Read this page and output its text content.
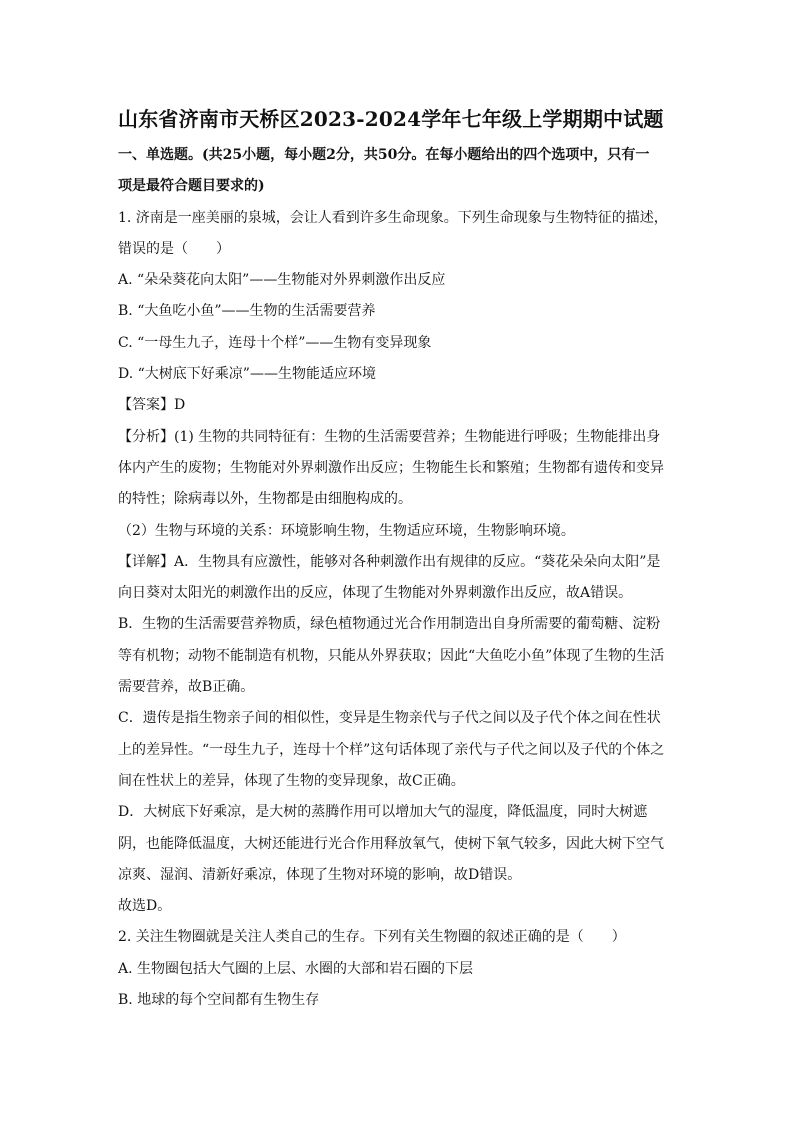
山东省济南市天桥区2023-2024学年七年级上学期期中试题
一、单选题。(共25小题，每小题2分，共50分。在每小题给出的四个选项中，只有一
项是最符合题目要求的)
1. 济南是一座美丽的泉城，会让人看到许多生命现象。下列生命现象与生物特征的描述，
错误的是（　　）
A. “朵朵葵花向太阳”——生物能对外界刺激作出反应
B. “大鱼吃小鱼”——生物的生活需要营养
C. “一母生九子，连母十个样”——生物有变异现象
D. “大树底下好乘凉”——生物能适应环境
【答案】D
【分析】(1) 生物的共同特征有：生物的生活需要营养；生物能进行呼吸；生物能排出身
体内产生的废物；生物能对外界刺激作出反应；生物能生长和繁殖；生物都有遗传和变异
的特性；除病毒以外，生物都是由细胞构成的。
（2）生物与环境的关系：环境影响生物，生物适应环境，生物影响环境。
【详解】A．生物具有应激性，能够对各种刺激作出有规律的反应。“葵花朵朵向太阳”是
向日葵对太阳光的刺激作出的反应，体现了生物能对外界刺激作出反应，故A错误。
B．生物的生活需要营养物质，绿色植物通过光合作用制造出自身所需要的葡萄糖、淀粉
等有机物；动物不能制造有机物，只能从外界获取；因此“大鱼吃小鱼”体现了生物的生活
需要营养，故B正确。
C．遗传是指生物亲子间的相似性，变异是生物亲代与子代之间以及子代个体之间在性状
上的差异性。“一母生九子，连母十个样”这句话体现了亲代与子代之间以及子代的个体之
间在性状上的差异，体现了生物的变异现象，故C正确。
D．大树底下好乘凉，是大树的蒸腾作用可以增加大气的湿度，降低温度，同时大树遮
阴，也能降低温度，大树还能进行光合作用释放氧气，使树下氧气较多，因此大树下空气
凉爽、湿润、清新好乘凉，体现了生物对环境的影响，故D错误。
故选D。
2. 关注生物圈就是关注人类自己的生存。下列有关生物圈的叙述正确的是（　　）
A. 生物圈包括大气圈的上层、水圈的大部和岩石圈的下层
B. 地球的每个空间都有生物生存
